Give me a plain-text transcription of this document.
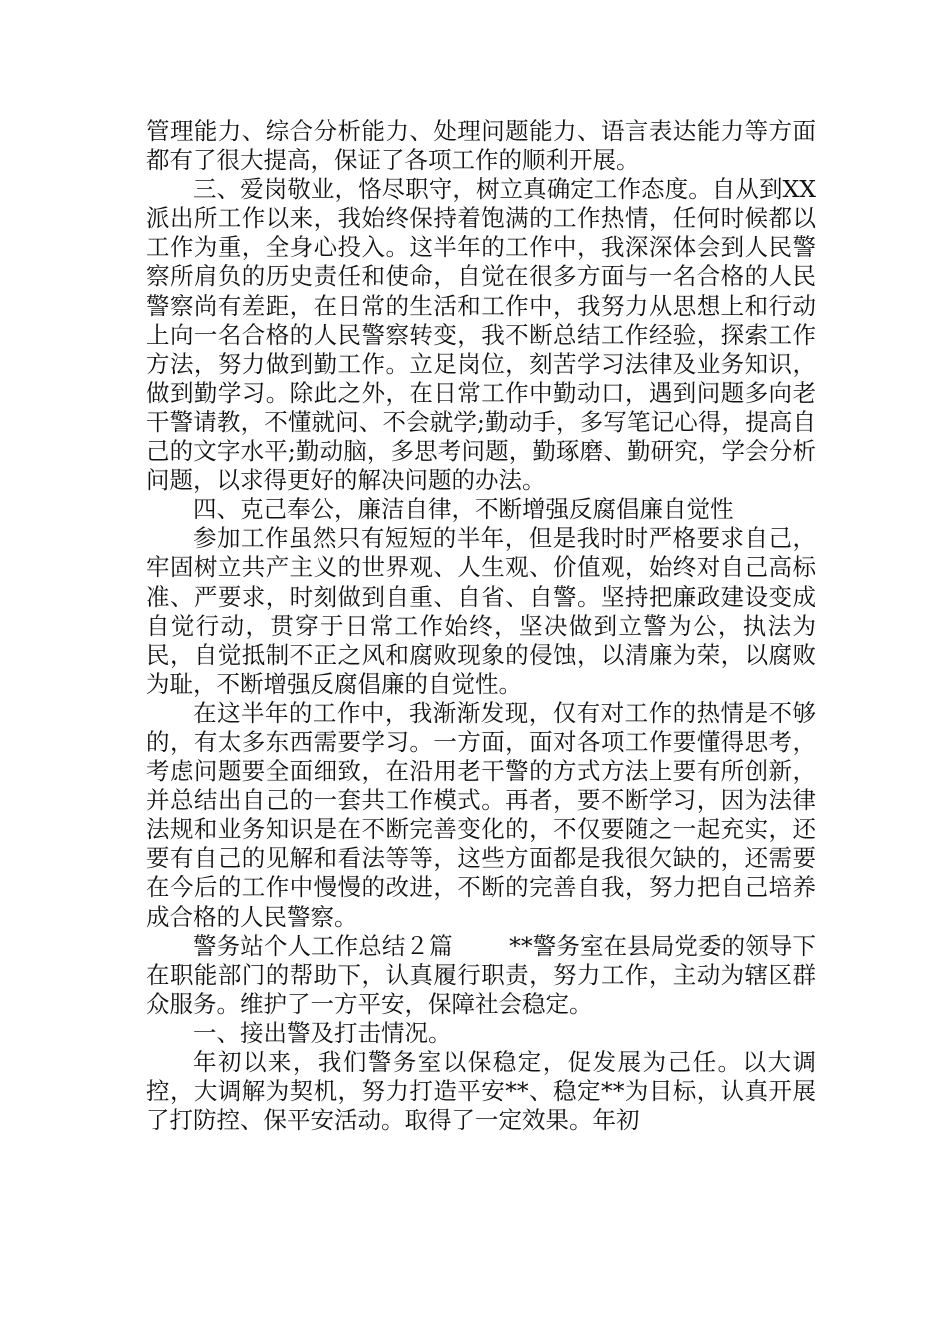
管理能力、综合分析能力、处理问题能力、语言表达能力等方面都有了很大提高，保证了各项工作的顺利开展。

三、爱岗敬业，恪尽职守，树立真确定工作态度。自从到XX派出所工作以来，我始终保持着饱满的工作热情，任何时候都以工作为重，全身心投入。这半年的工作中，我深深体会到人民警察所肩负的历史责任和使命，自觉在很多方面与一名合格的人民警察尚有差距，在日常的生活和工作中，我努力从思想上和行动上向一名合格的人民警察转变，我不断总结工作经验，探索工作方法，努力做到勤工作。立足岗位，刻苦学习法律及业务知识，做到勤学习。除此之外，在日常工作中勤动口，遇到问题多向老干警请教，不懂就问、不会就学;勤动手，多写笔记心得，提高自己的文字水平;勤动脑，多思考问题，勤琢磨、勤研究，学会分析问题，以求得更好的解决问题的办法。

四、克己奉公，廉洁自律，不断增强反腐倡廉自觉性

参加工作虽然只有短短的半年，但是我时时严格要求自己，牢固树立共产主义的世界观、人生观、价值观，始终对自己高标准、严要求，时刻做到自重、自省、自警。坚持把廉政建设变成自觉行动，贯穿于日常工作始终，坚决做到立警为公，执法为民，自觉抵制不正之风和腐败现象的侵蚀，以清廉为荣，以腐败为耻，不断增强反腐倡廉的自觉性。

在这半年的工作中，我渐渐发现，仅有对工作的热情是不够的，有太多东西需要学习。一方面，面对各项工作要懂得思考，考虑问题要全面细致，在沿用老干警的方式方法上要有所创新，并总结出自己的一套共工作模式。再者，要不断学习，因为法律法规和业务知识是在不断完善变化的，不仅要随之一起充实，还要有自己的见解和看法等等，这些方面都是我很欠缺的，还需要在今后的工作中慢慢的改进，不断的完善自我，努力把自己培养成合格的人民警察。

警务站个人工作总结２篇 **警务室在县局党委的领导下在职能部门的帮助下，认真履行职责，努力工作，主动为辖区群众服务。维护了一方平安，保障社会稳定。

一、接出警及打击情况。

年初以来，我们警务室以保稳定，促发展为己任。以大调控，大调解为契机，努力打造平安**、稳定**为目标，认真开展了打防控、保平安活动。取得了一定效果。年初
